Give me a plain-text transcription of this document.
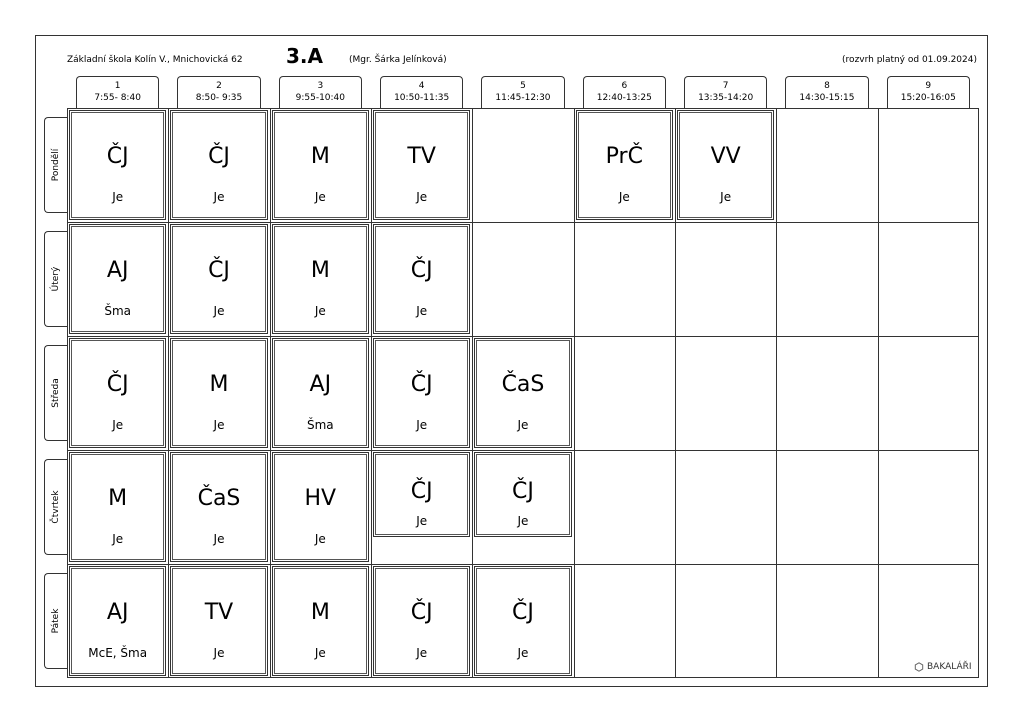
Základní škola Kolín V., Mnichovická 62 3.A	(Mgr. Šárka Jelínková)	(rozvrh platný od 01.09.2024)
1
7:55- 8:40
2
8:50- 9:35
3
9:55-10:40
4
10:50-11:35
5
11:45-12:30
6
12:40-13:25
7
13:35-14:20
8
14:30-15:15
9
15:20-16:05
Pondělí
Úterý
Středa
Čtvrtek
Pátek
ČJ
Je
ČJ
Je
M
Je
TV
Je
PrČ
Je
VV
Je
AJ
Šma
ČJ
Je
M
Je
ČJ
Je
ČJ
Je
M
Je
AJ
Šma
ČJ
Je
ČaS
Je
M
Je
ČaS
Je
HV
Je
ČJ
Je
ČJ
Je
AJ
McE, Šma
TV
Je
M
Je
ČJ
Je
ČJ
Je
BAKALÁŘI
